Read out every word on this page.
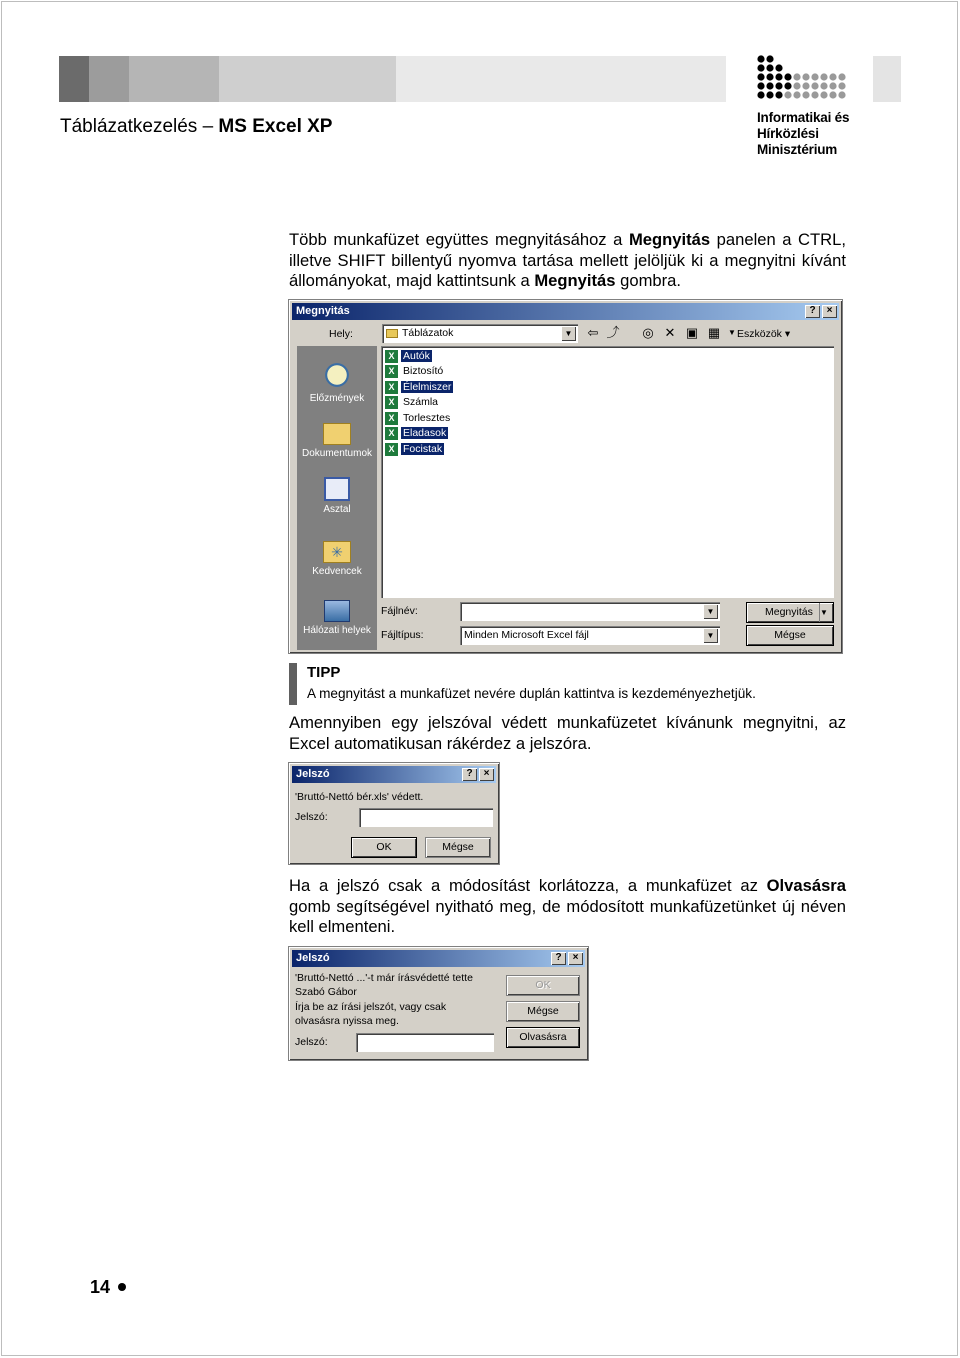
Informatikai és
Hírközlési
Minisztérium
Táblázatkezelés – MS Excel XP
Több munkafüzet együttes megnyitásához a Megnyitás panelen a CTRL, illetve SHIFT billentyű nyomva tartása mellett jelöljük ki a megnyitni kívánt állományokat, majd kattintsunk a Megnyitás gombra.
Megnyitás	?	×
Hely:	Táblázatok	▼ ⇦ ⤴ ◎ ✕ ▣ ▦ ▼ Eszközök ▾
Előzmények
Dokumentumok
Asztal
✳
Kedvencek
Hálózati helyek
X Autók
X Biztosító
X Élelmiszer
X Számla
X Torlesztes
X Eladasok
X Focistak
Fájlnév:	▼
Fájltípus:	Minden Microsoft Excel fájl	▼
Megnyitás ▼
Mégse
TIPP
A megnyitást a munkafüzet nevére duplán kattintva is kezdeményezhetjük.
Amennyiben egy jelszóval védett munkafüzetet kívánunk megnyitni, az Excel automatikusan rákérdez a jelszóra.
Jelszó	?	×
'Bruttó-Nettó bér.xls' védett.
Jelszó:
OK	Mégse
Ha a jelszó csak a módosítást korlátozza, a munkafüzet az Olvasásra gomb segítségével nyitható meg, de módosított munkafüzetünket új néven kell elmenteni.
Jelszó	?	×
'Bruttó-Nettó ...'-t már írásvédetté tette
Szabó Gábor
Írja be az írási jelszót, vagy csak
olvasásra nyissa meg.
Jelszó:
OK
Mégse
Olvasásra
14
